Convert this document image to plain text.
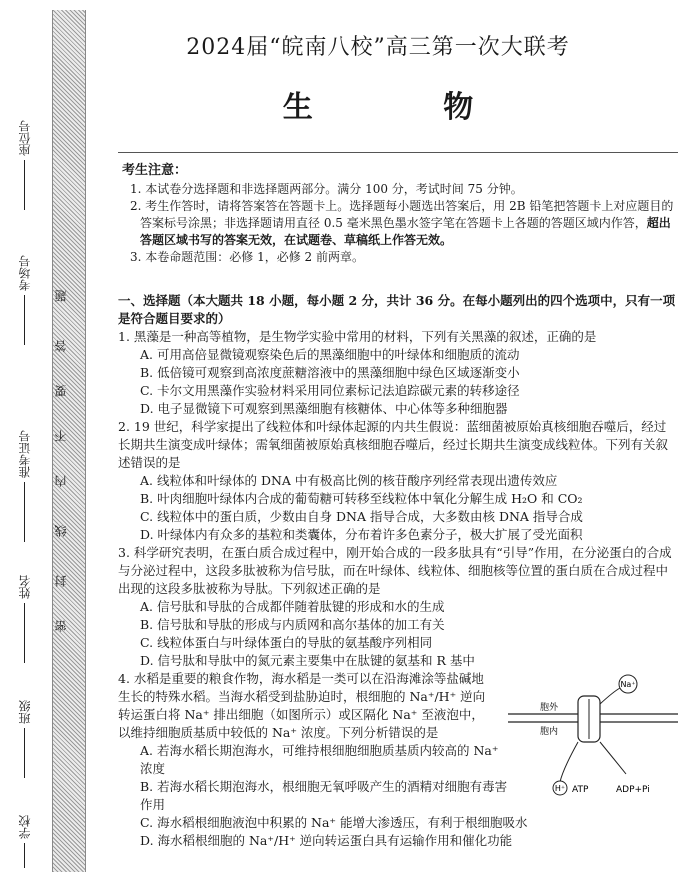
座位号
考场号
准考证号
姓名
班级
学校
题
答
要
不
内
线
封
密
2024届“皖南八校”高三第一次大联考
生 物
考生注意：
1. 本试卷分选择题和非选择题两部分。满分 100 分，考试时间 75 分钟。
2. 考生作答时，请将答案答在答题卡上。选择题每小题选出答案后，用 2B 铅笔把答题卡上对应题目的答案标号涂黑；非选择题请用直径 0.5 毫米黑色墨水签字笔在答题卡上各题的答题区域内作答，超出答题区域书写的答案无效，在试题卷、草稿纸上作答无效。
3. 本卷命题范围：必修 1，必修 2 前两章。
一、选择题（本大题共 18 小题，每小题 2 分，共计 36 分。在每小题列出的四个选项中，只有一项是符合题目要求的）
1. 黑藻是一种高等植物，是生物学实验中常用的材料，下列有关黑藻的叙述，正确的是
A. 可用高倍显微镜观察染色后的黑藻细胞中的叶绿体和细胞质的流动
B. 低倍镜可观察到高浓度蔗糖溶液中的黑藻细胞中绿色区域逐渐变小
C. 卡尔文用黑藻作实验材料采用同位素标记法追踪碳元素的转移途径
D. 电子显微镜下可观察到黑藻细胞有核糖体、中心体等多种细胞器
2. 19 世纪，科学家提出了线粒体和叶绿体起源的内共生假说：蓝细菌被原始真核细胞吞噬后，经过长期共生演变成叶绿体；需氧细菌被原始真核细胞吞噬后，经过长期共生演变成线粒体。下列有关叙述错误的是
A. 线粒体和叶绿体的 DNA 中有极高比例的核苷酸序列经常表现出遗传效应
B. 叶肉细胞叶绿体内合成的葡萄糖可转移至线粒体中氧化分解生成 H₂O 和 CO₂
C. 线粒体中的蛋白质，少数由自身 DNA 指导合成，大多数由核 DNA 指导合成
D. 叶绿体内有众多的基粒和类囊体，分布着许多色素分子，极大扩展了受光面积
3. 科学研究表明，在蛋白质合成过程中，刚开始合成的一段多肽具有“引导”作用，在分泌蛋白的合成与分泌过程中，这段多肽被称为信号肽，而在叶绿体、线粒体、细胞核等位置的蛋白质在合成过程中出现的这段多肽被称为导肽。下列叙述正确的是
A. 信号肽和导肽的合成都伴随着肽键的形成和水的生成
B. 信号肽和导肽的形成与内质网和高尔基体的加工有关
C. 线粒体蛋白与叶绿体蛋白的导肽的氨基酸序列相同
D. 信号肽和导肽中的氮元素主要集中在肽键的氨基和 R 基中
4. 水稻是重要的粮食作物，海水稻是一类可以在沿海滩涂等盐碱地生长的特殊水稻。当海水稻受到盐胁迫时，根细胞的 Na⁺/H⁺ 逆向转运蛋白将 Na⁺ 排出细胞（如图所示）或区隔化 Na⁺ 至液泡中，以维持细胞质基质中较低的 Na⁺ 浓度。下列分析错误的是
A. 若海水稻长期泡海水，可维持根细胞细胞质基质内较高的 Na⁺ 浓度
B. 若海水稻长期泡海水，根细胞无氧呼吸产生的酒精对细胞有毒害作用
C. 海水稻根细胞液泡中积累的 Na⁺ 能增大渗透压，有利于根细胞吸水
D. 海水稻根细胞的 Na⁺/H⁺ 逆向转运蛋白具有运输作用和催化功能
Na⁺
胞外
胞内
H⁺ ATP	ADP+Pi
